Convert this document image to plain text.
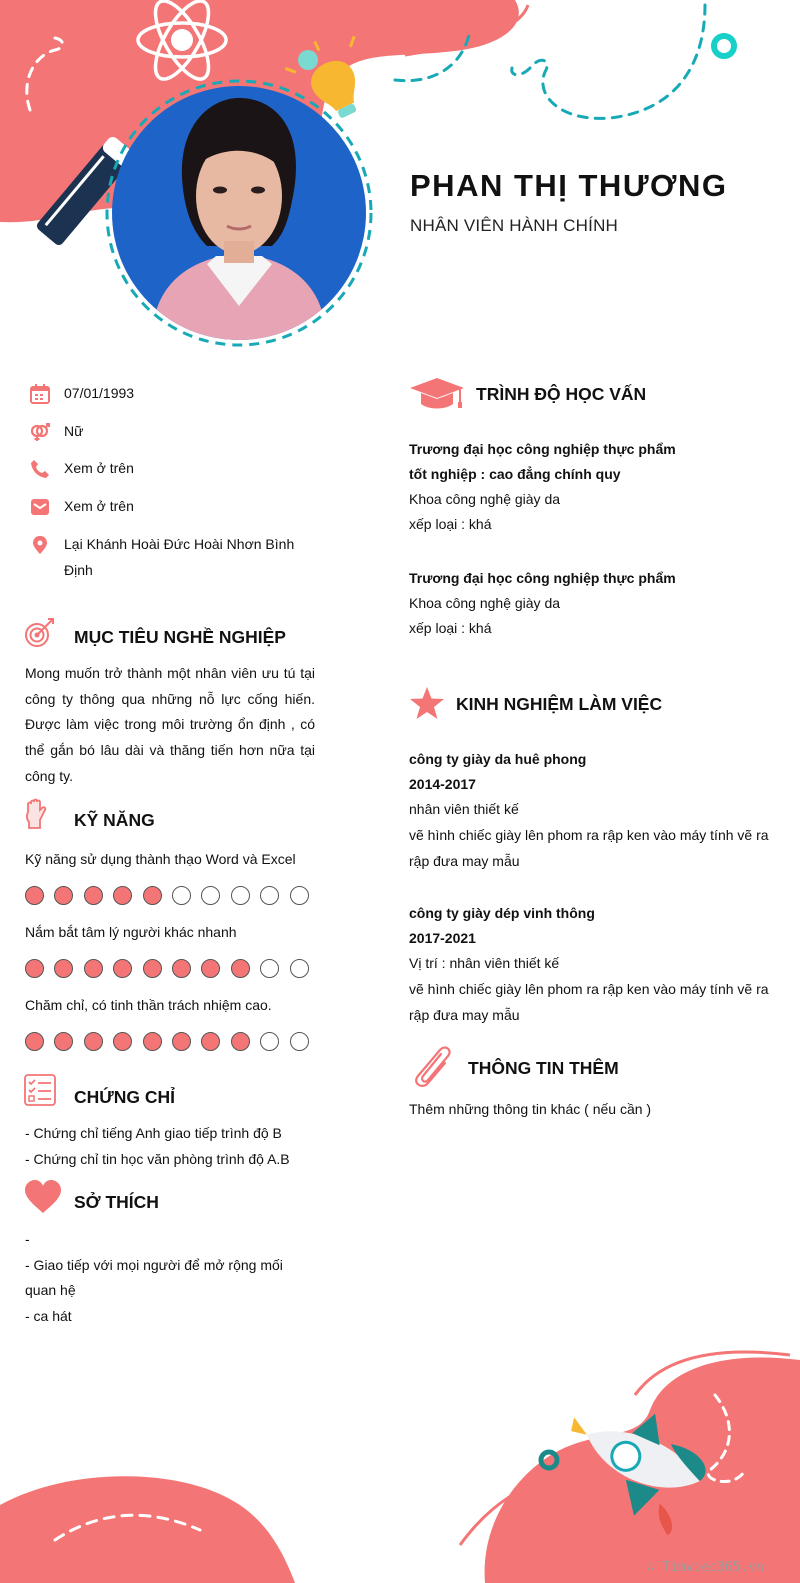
PHAN THỊ THƯƠNG
NHÂN VIÊN HÀNH CHÍNH
07/01/1993
Nữ
Xem ở trên
Xem ở trên
Lại Khánh Hoài Đức Hoài Nhơn Bình Định
MỤC TIÊU NGHỀ NGHIỆP
Mong muốn trở thành một nhân viên ưu tú tại công ty thông qua những nỗ lực cống hiến. Được làm việc trong môi trường ổn định , có thể gắn bó lâu dài và thăng tiến hơn nữa tại công ty.
KỸ NĂNG
Kỹ năng sử dụng thành thạo Word và Excel
Nắm bắt tâm lý người khác nhanh
Chăm chỉ, có tinh thần trách nhiệm cao.
CHỨNG CHỈ
- Chứng chỉ tiếng Anh giao tiếp trình độ B
- Chứng chỉ tin học văn phòng trình độ A.B
SỞ THÍCH
-
- Giao tiếp với mọi người để mở rộng mối quan hệ
- ca hát
TRÌNH ĐỘ HỌC VẤN
Trương đại học công nghiệp thực phẩm
tốt nghiệp : cao đẳng chính quy
Khoa công nghệ giày da
xếp loại : khá
Trương đại học công nghiệp thực phẩm
Khoa công nghệ giày da
xếp loại : khá
KINH NGHIỆM LÀM VIỆC
công ty giày da huê phong
2014-2017
nhân viên thiết kế
vẽ hình chiếc giày lên phom ra rập ken vào máy tính vẽ ra rập đưa may mẫu
công ty giày dép vinh thông
2017-2021
Vị trí : nhân viên thiết kế
vẽ hình chiếc giày lên phom ra rập ken vào máy tính vẽ ra rập đưa may mẫu
THÔNG TIN THÊM
Thêm những thông tin khác ( nếu cần )
∴ Timviec365.vn
